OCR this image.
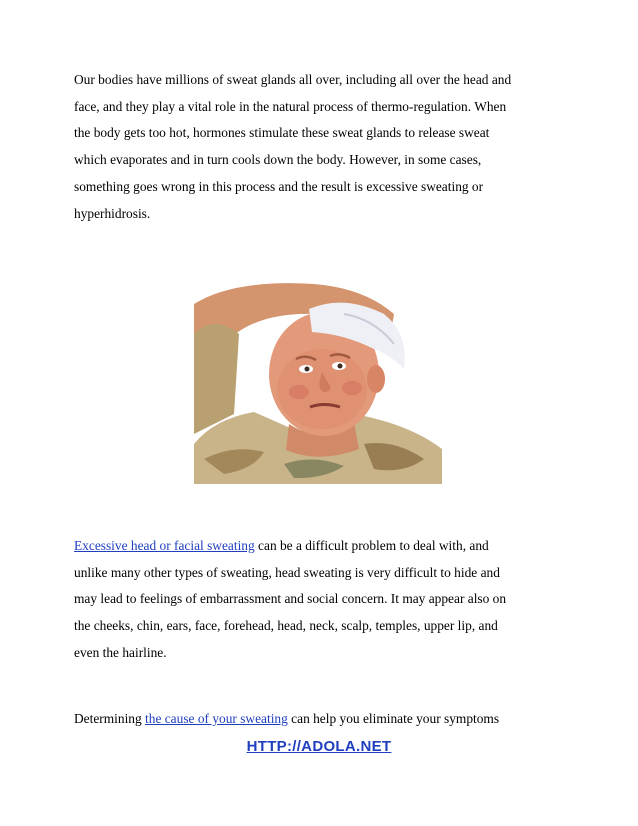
Our bodies have millions of sweat glands all over, including all over the head and
face, and they play a vital role in the natural process of thermo-regulation. When
the body gets too hot, hormones stimulate these sweat glands to release sweat
which evaporates and in turn cools down the body. However, in some cases,
something goes wrong in this process and the result is excessive sweating or
hyperhidrosis.

Excessive head or facial sweating can be a difficult problem to deal with, and
unlike many other types of sweating, head sweating is very difficult to hide and
may lead to feelings of embarrassment and social concern. It may appear also on
the cheeks, chin, ears, face, forehead, head, neck, scalp, temples, upper lip, and
even the hairline.

Determining the cause of your sweating can help you eliminate your symptoms

HTTP://ADOLA.NET
